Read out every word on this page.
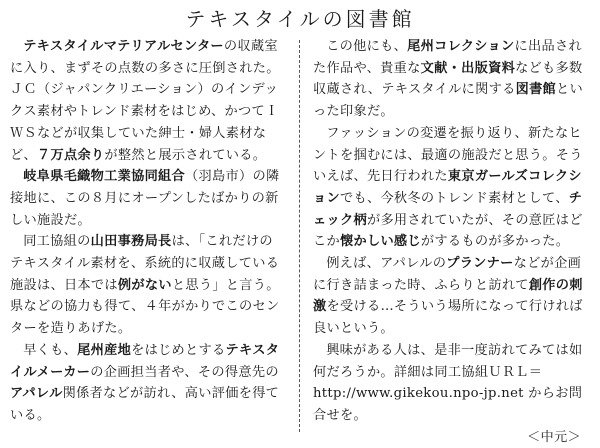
テキスタイルの図書館

テキスタイルマテリアルセンターの収蔵室に入り、まずその点数の多さに圧倒された。ＪＣ（ジャパンクリエーション）のインデックス素材やトレンド素材をはじめ、かつてＩＷＳなどが収集していた紳士・婦人素材など、７万点余りが整然と展示されている。

岐阜県毛織物工業協同組合（羽島市）の隣接地に、この８月にオープンしたばかりの新しい施設だ。

同工協組の山田事務局長は、「これだけのテキスタイル素材を、系統的に収蔵している施設は、日本では例がないと思う」と言う。県などの協力も得て、４年がかりでこのセンターを造りあげた。

早くも、尾州産地をはじめとするテキスタイルメーカーの企画担当者や、その得意先のアパレル関係者などが訪れ、高い評価を得ている。

この他にも、尾州コレクションに出品された作品や、貴重な文献・出版資料なども多数収蔵され、テキスタイルに関する図書館といった印象だ。

ファッションの変遷を振り返り、新たなヒントを掴むには、最適の施設だと思う。そういえば、先日行われた東京ガールズコレクションでも、今秋冬のトレンド素材として、チェック柄が多用されていたが、その意匠はどこか懐かしい感じがするものが多かった。

例えば、アパレルのプランナーなどが企画に行き詰まった時、ふらりと訪れて創作の刺激を受ける…そういう場所になって行ければ良いという。

興味がある人は、是非一度訪れてみては如何だろうか。詳細は同工協組ＵＲＬ＝http://www.gikekou.npo-jp.net からお問合せを。

＜中元＞
